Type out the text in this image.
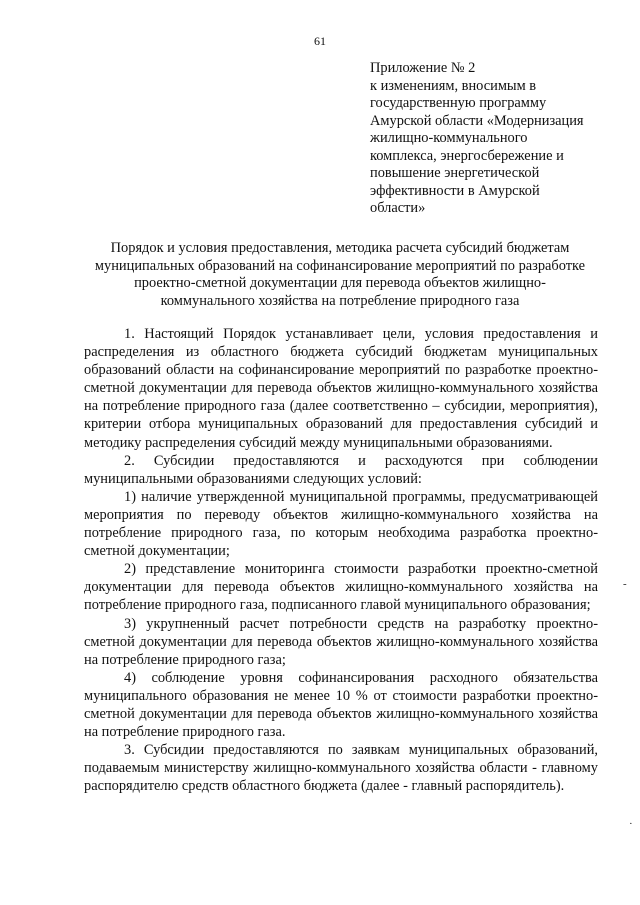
61
Приложение № 2
к изменениям, вносимым в
государственную программу
Амурской области «Модернизация
жилищно-коммунального
комплекса, энергосбережение и
повышение энергетической
эффективности в Амурской
области»
Порядок и условия предоставления, методика расчета субсидий бюджетам
муниципальных образований на софинансирование мероприятий по разработке
проектно-сметной документации для перевода объектов жилищно-
коммунального хозяйства на потребление природного газа

1. Настоящий Порядок устанавливает цели, условия предоставления и распределения из областного бюджета субсидий бюджетам муниципальных образований области на софинансирование мероприятий по разработке проектно-сметной документации для перевода объектов жилищно-коммунального хозяйства на потребление природного газа (далее соответственно – субсидии, мероприятия), критерии отбора муниципальных образований для предоставления субсидий и методику распределения субсидий между муниципальными образованиями.

2. Субсидии предоставляются и расходуются при соблюдении муниципальными образованиями следующих условий:

1) наличие утвержденной муниципальной программы, предусматривающей мероприятия по переводу объектов жилищно-коммунального хозяйства на потребление природного газа, по которым необходима разработка проектно-сметной документации;

2) представление мониторинга стоимости разработки проектно-сметной документации для перевода объектов жилищно-коммунального хозяйства на потребление природного газа, подписанного главой муниципального образования;

3) укрупненный расчет потребности средств на разработку проектно-сметной документации для перевода объектов жилищно-коммунального хозяйства на потребление природного газа;

4) соблюдение уровня софинансирования расходного обязательства муниципального образования не менее 10 % от стоимости разработки проектно-сметной документации для перевода объектов жилищно-коммунального хозяйства на потребление природного газа.

3. Субсидии предоставляются по заявкам муниципальных образований, подаваемым министерству жилищно-коммунального хозяйства области - главному распорядителю средств областного бюджета (далее - главный распорядитель).

-
·
